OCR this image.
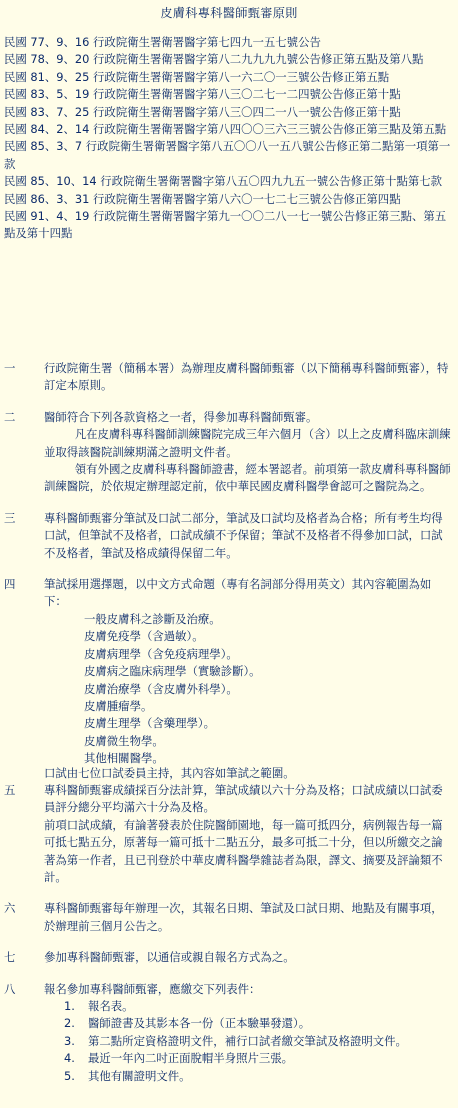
皮膚科專科醫師甄審原則

民國 77、9、16 行政院衛生署衛署醫字第七四九一五七號公告

民國 78、9、20 行政院衛生署衛署醫字第八二九九九九號公告修正第五點及第八點

民國 81、9、25 行政院衛生署衛署醫字第八一六二〇一三號公告修正第五點

民國 83、5、19 行政院衛生署衛署醫字第八三〇二七一二四號公告修正第十點

民國 83、7、25 行政院衛生署衛署醫字第八三〇四二一八一號公告修正第十點

民國 84、2、14 行政院衛生署衛署醫字第八四〇〇三六三三號公告修正第三點及第五點

民國 85、3、7 行政院衛生署衛署醫字第八五〇〇八一五八號公告修正第二點第一項第一款

民國 85、10、14 行政院衛生署衛署醫字第八五〇四九九五一號公告修正第十點第七款

民國 86、3、31 行政院衛生署衛署醫字第八六〇一七二七三號公告修正第四點

民國 91、4、19 行政院衛生署衛署醫字第九一〇〇二八一七一號公告修正第三點、第五點及第十四點

一	行政院衛生署（簡稱本署）為辦理皮膚科醫師甄審（以下簡稱專科醫師甄審），特訂定本原則。
二	醫師符合下列各款資格之一者，得參加專科醫師甄審。

凡在皮膚科專科醫師訓練醫院完成三年六個月（含）以上之皮膚科臨床訓練並取得該醫院訓練期滿之證明文件者。

領有外國之皮膚科專科醫師證書，經本署認者。前項第一款皮膚科專科醫師訓練醫院，於依規定辦理認定前，依中華民國皮膚科醫學會認可之醫院為之。

三	專科醫師甄審分筆試及口試二部分，筆試及口試均及格者為合格；所有考生均得口試，但筆試不及格者，口試成績不予保留；筆試不及格者不得參加口試，口試不及格者，筆試及格成績得保留二年。
四	筆試採用選擇題，以中文方式命題（專有名詞部分得用英文）其內容範圍為如下：

一般皮膚科之診斷及治療。
皮膚免疫學（含過敏）。
皮膚病理學（含免疫病理學）。
皮膚病之臨床病理學（實驗診斷）。
皮膚治療學（含皮膚外科學）。
皮膚腫瘤學。
皮膚生理學（含藥理學）。
皮膚微生物學。
其他相關醫學。
口試由七位口試委員主持，其內容如筆試之範圍。
五	專科醫師甄審成績採百分法計算，筆試成績以六十分為及格；口試成績以口試委員評分總分平均滿六十分為及格。

前項口試成績，有論著發表於住院醫師園地，每一篇可抵四分，病例報告每一篇可抵七點五分，原著每一篇可抵十二點五分，最多可抵二十分，但以所繳交之論著為第一作者，且已刊登於中華皮膚科醫學雜誌者為限，譯文、摘要及評論類不計。

六	專科醫師甄審每年辦理一次，其報名日期、筆試及口試日期、地點及有關事項，於辦理前三個月公告之。
七	參加專科醫師甄審，以通信或親自報名方式為之。
八	報名參加專科醫師甄審，應繳交下列表件：

1.	報名表。
2.	醫師證書及其影本各一份（正本驗畢發還）。
3.	第二點所定資格證明文件，補行口試者繳交筆試及格證明文件。
4.	最近一年內二吋正面脫帽半身照片三張。
5.	其他有關證明文件。
